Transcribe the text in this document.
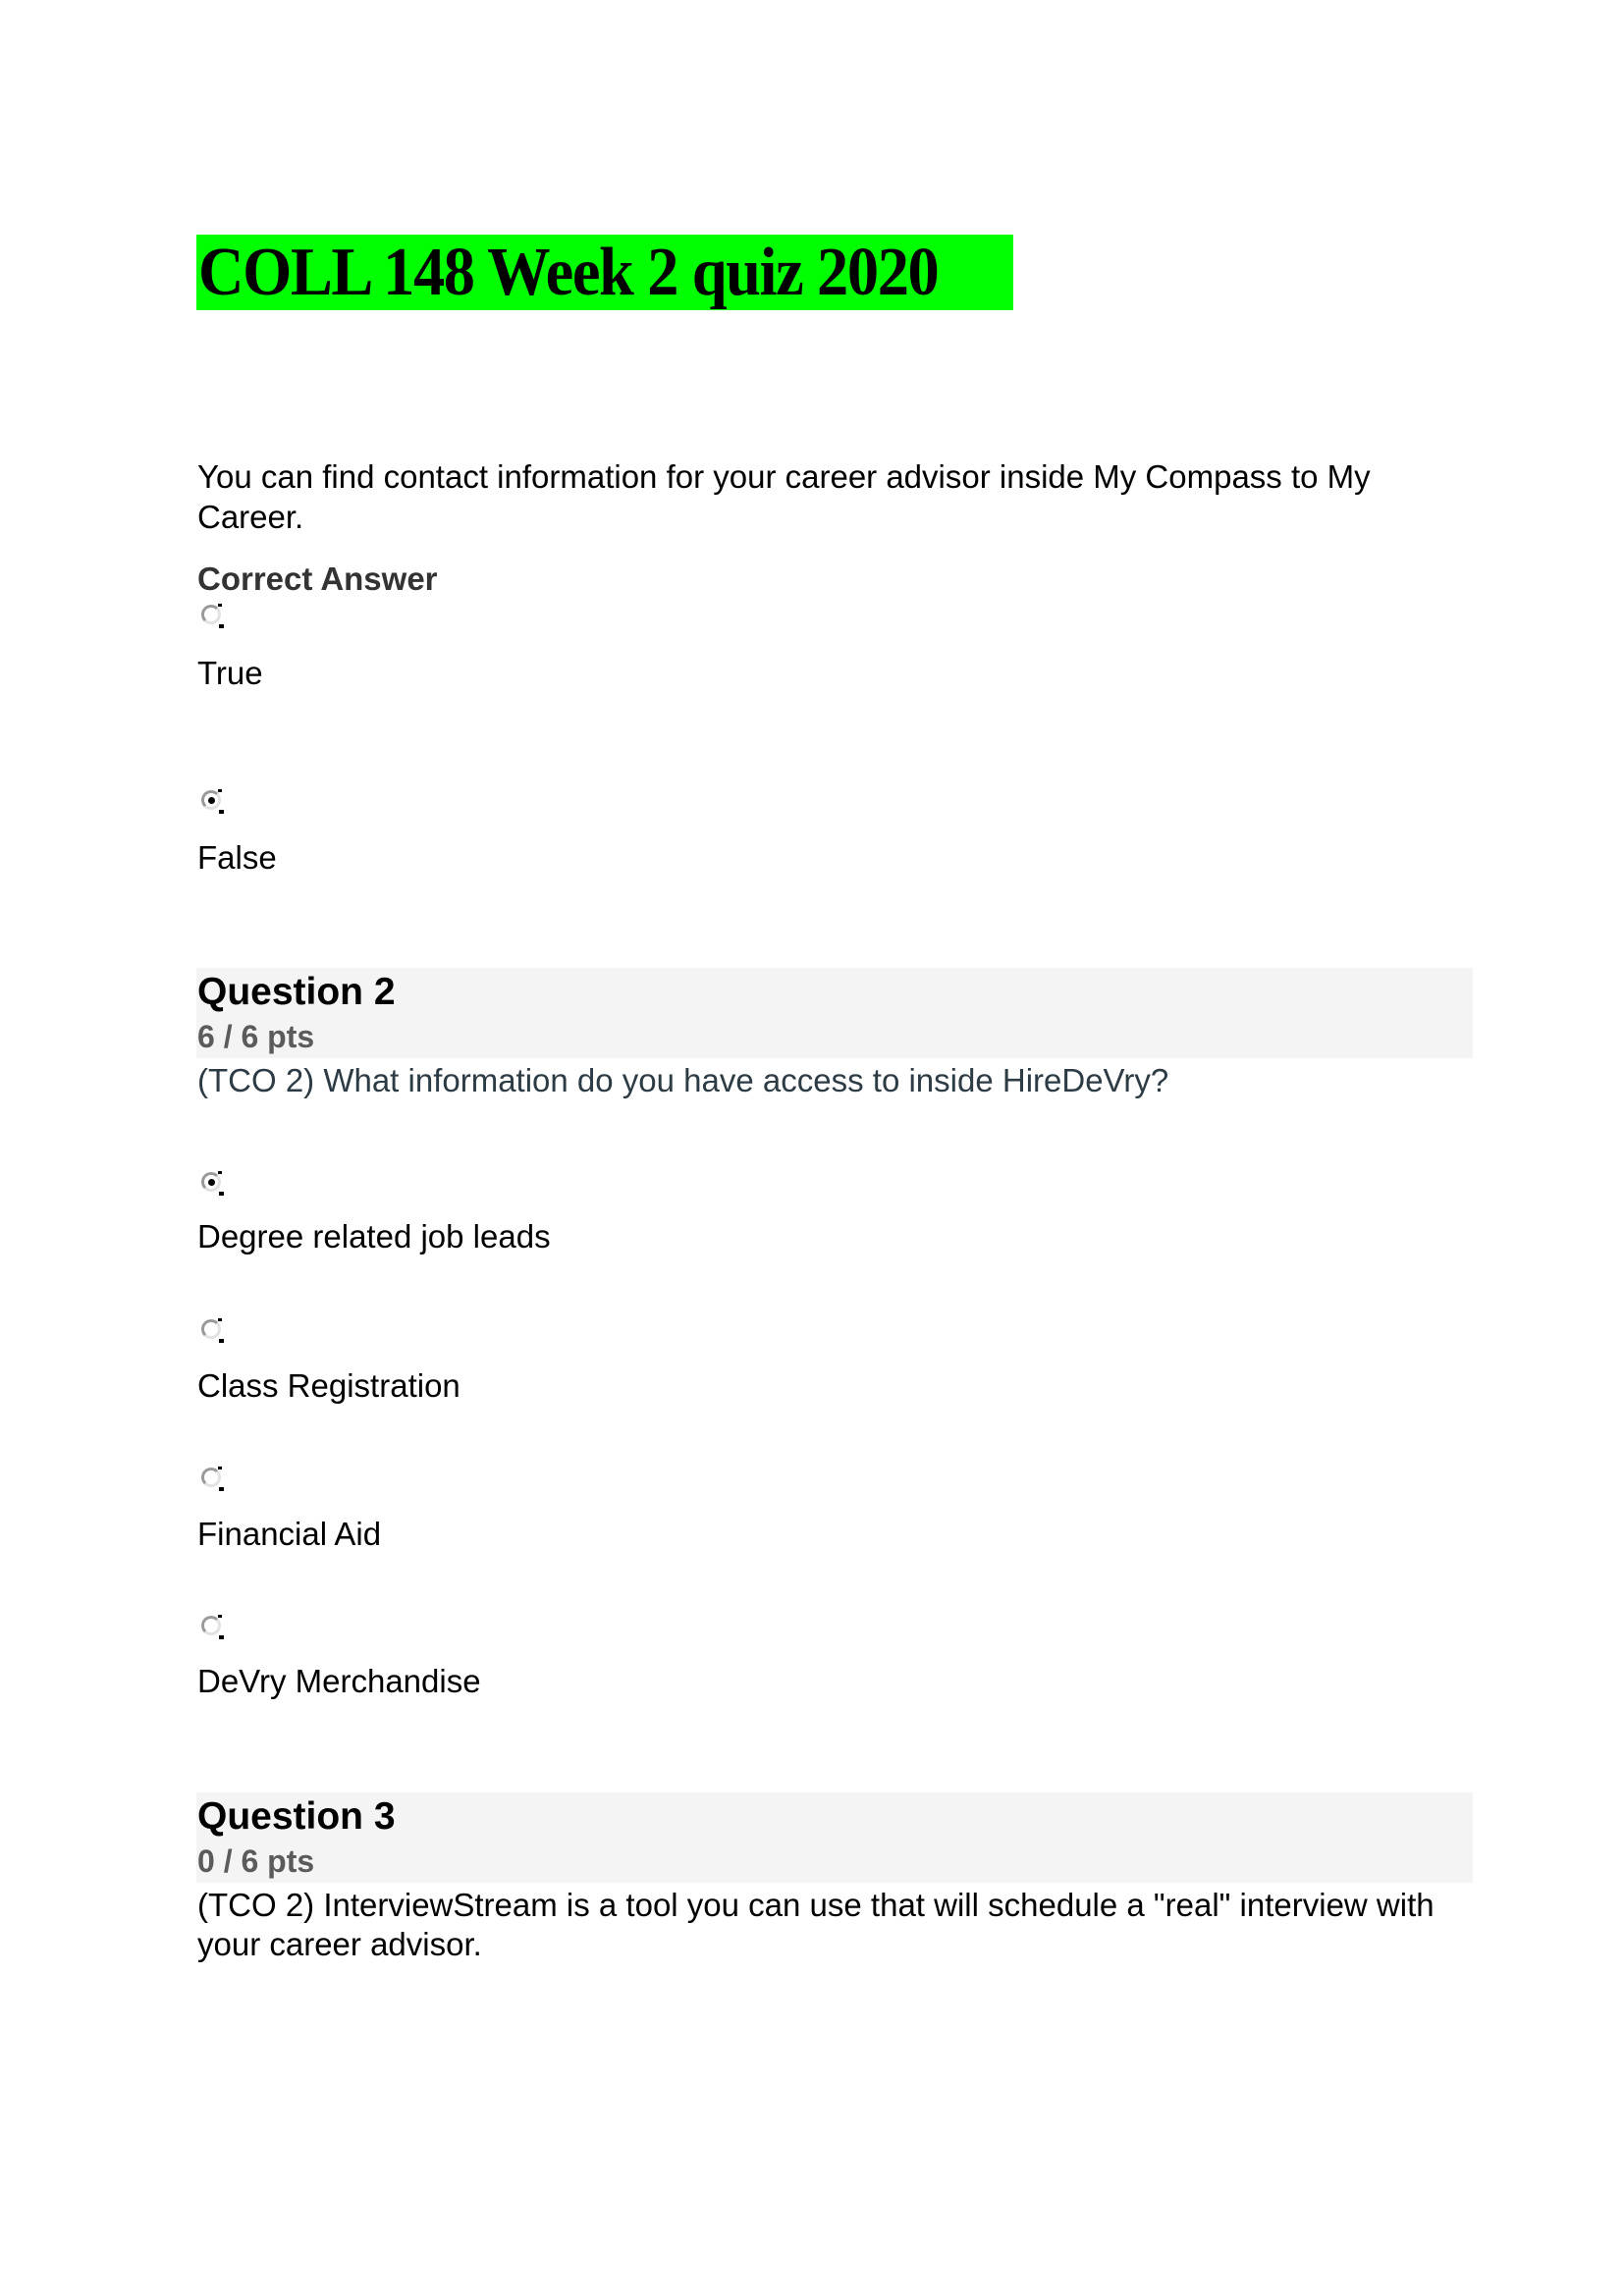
COLL 148 Week 2 quiz 2020
You can find contact information for your career advisor inside My Compass to My
Career.
Correct Answer
True
False
Question 2
6 / 6 pts
(TCO 2) What information do you have access to inside HireDeVry?
Degree related job leads
Class Registration
Financial Aid
DeVry Merchandise
Question 3
0 / 6 pts
(TCO 2) InterviewStream is a tool you can use that will schedule a "real" interview with
your career advisor.
